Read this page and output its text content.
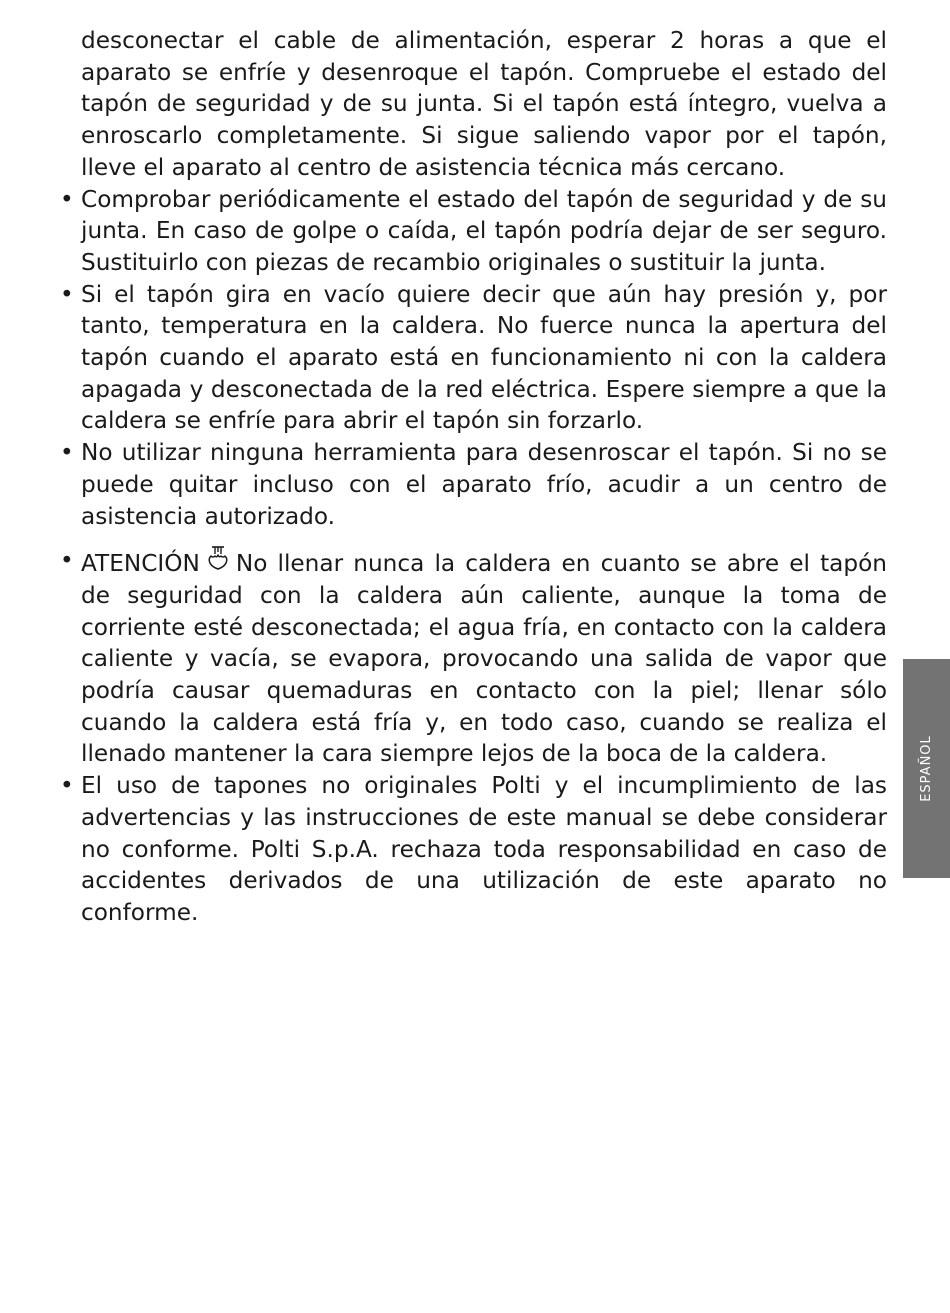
desconectar el cable de alimentación, esperar 2 horas a que el aparato se enfríe y desenroque el tapón. Compruebe el estado del tapón de seguridad y de su junta. Si el tapón está íntegro, vuelva a enroscarlo completamente. Si sigue saliendo vapor por el tapón, lleve el aparato al centro de asistencia técnica más cercano.

• Comprobar periódicamente el estado del tapón de seguridad y de su junta. En caso de golpe o caída, el tapón podría dejar de ser seguro. Sustituirlo con piezas de recambio originales o sustituir la junta.
• Si el tapón gira en vacío quiere decir que aún hay presión y, por tanto, temperatura en la caldera. No fuerce nunca la apertura del tapón cuando el aparato está en funcionamiento ni con la caldera apagada y desconectada de la red eléctrica. Espere siempre a que la caldera se enfríe para abrir el tapón sin forzarlo.
• No utilizar ninguna herramienta para desenroscar el tapón. Si no se puede quitar incluso con el aparato frío, acudir a un centro de asistencia autorizado.
• ATENCIÓN No llenar nunca la caldera en cuanto se abre el tapón de seguridad con la caldera aún caliente, aunque la toma de corriente esté desconectada; el agua fría, en contacto con la caldera caliente y vacía, se evapora, provocando una salida de vapor que podría causar quemaduras en contacto con la piel; llenar sólo cuando la caldera está fría y, en todo caso, cuando se realiza el llenado mantener la cara siempre lejos de la boca de la caldera.
• El uso de tapones no originales Polti y el incumplimiento de las advertencias y las instrucciones de este manual se debe considerar no conforme. Polti S.p.A. rechaza toda responsabilidad en caso de accidentes derivados de una utilización de este aparato no conforme.
ESPAÑOL
